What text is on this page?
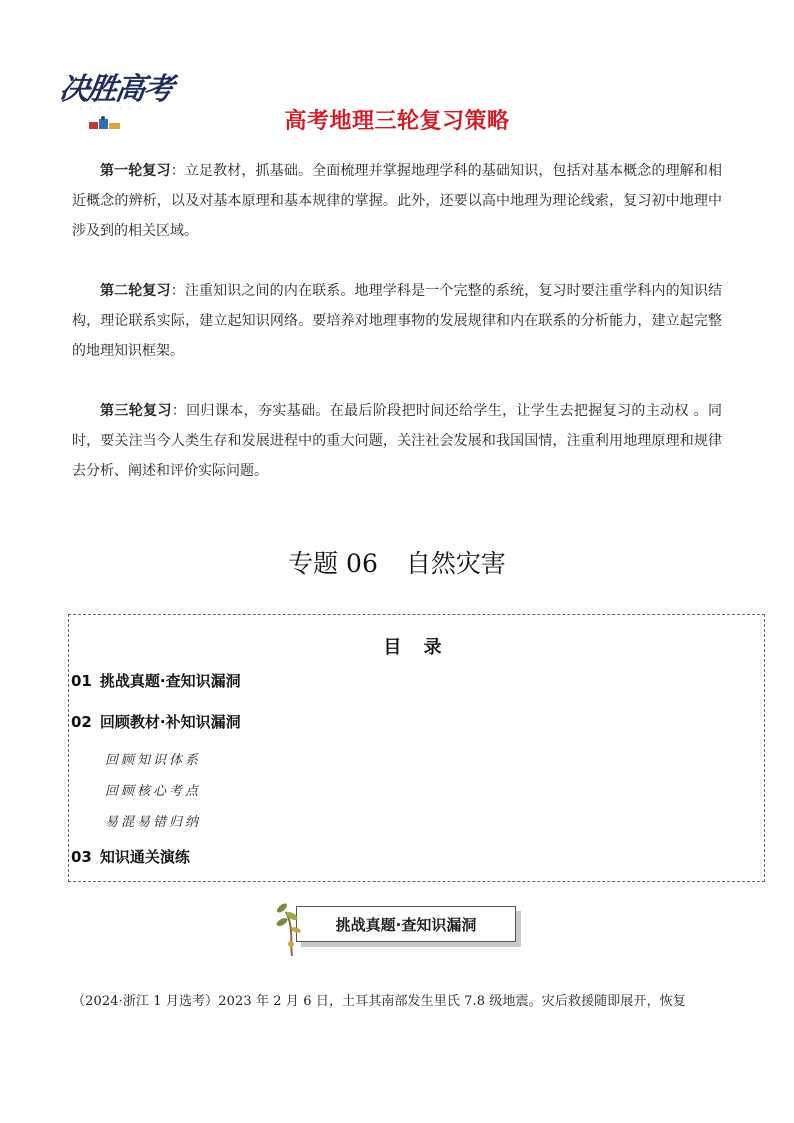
决胜高考
· · · · · · ·	高考地理三轮复习策略

第一轮复习：立足教材，抓基础。全面梳理并掌握地理学科的基础知识，包括对基本概念的理解和相近概念的辨析，以及对基本原理和基本规律的掌握。此外，还要以高中地理为理论线索，复习初中地理中涉及到的相关区域。

第二轮复习：注重知识之间的内在联系。地理学科是一个完整的系统，复习时要注重学科内的知识结构，理论联系实际，建立起知识网络。要培养对地理事物的发展规律和内在联系的分析能力，建立起完整的地理知识框架。

第三轮复习：回归课本，夯实基础。在最后阶段把时间还给学生，让学生去把握复习的主动权 。同时，要关注当今人类生存和发展进程中的重大问题，关注社会发展和我国国情，注重利用地理原理和规律去分析、阐述和评价实际问题。

专题 06 自然灾害
目 录
01 挑战真题·查知识漏洞
02 回顾教材·补知识漏洞
回顾知识体系
回顾核心考点
易混易错归纳
03 知识通关演练
挑战真题·查知识漏洞
（2024·浙江 1 月选考）2023 年 2 月 6 日，土耳其南部发生里氏 7.8 级地震。灾后救援随即展开，恢复
